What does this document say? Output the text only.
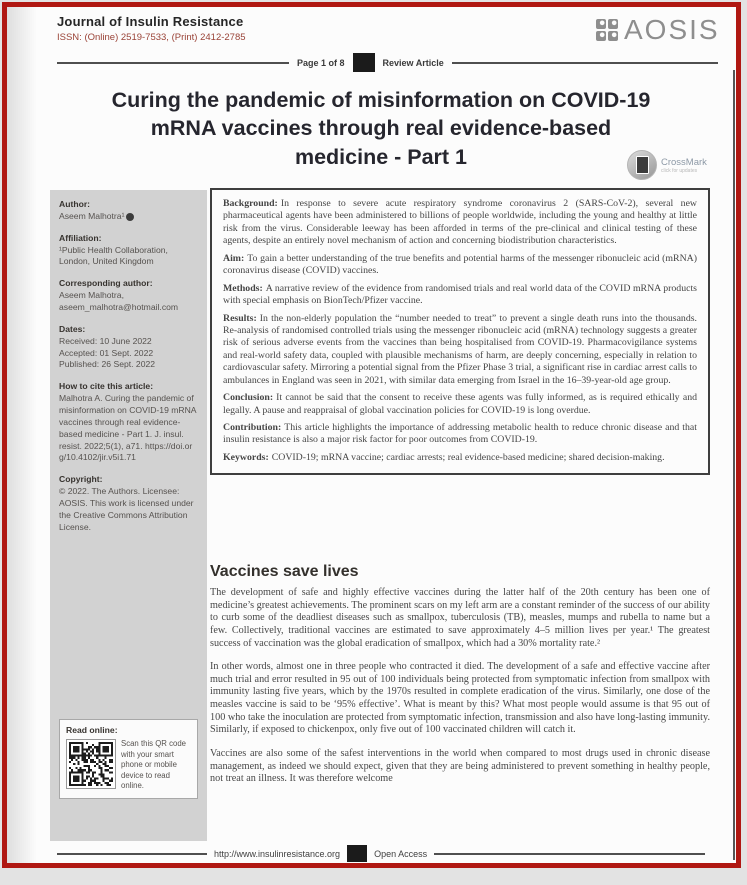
Journal of Insulin Resistance
ISSN: (Online) 2519-7533, (Print) 2412-2785	AOSIS
Page 1 of 8	Review Article
Curing the pandemic of misinformation on COVID-19
mRNA vaccines through real evidence-based
medicine - Part 1	CrossMark
click for updates
Author:
Aseem Malhotra¹
Affiliation:
¹Public Health Collaboration, London, United Kingdom
Corresponding author:
Aseem Malhotra,
aseem_malhotra@hotmail.com
Dates:
Received: 10 June 2022
Accepted: 01 Sept. 2022
Published: 26 Sept. 2022
How to cite this article:
Malhotra A. Curing the pandemic of misinformation on COVID-19 mRNA vaccines through real evidence-based medicine - Part 1. J. insul. resist. 2022;5(1), a71. https://doi.org/10.4102/jir.v5i1.71
Copyright:
© 2022. The Authors. Licensee: AOSIS. This work is licensed under the Creative Commons Attribution License.
Read online:
Scan this QR code with your smart phone or mobile device to read online.

Background: In response to severe acute respiratory syndrome coronavirus 2 (SARS-CoV-2), several new pharmaceutical agents have been administered to billions of people worldwide, including the young and healthy at little risk from the virus. Considerable leeway has been afforded in terms of the pre-clinical and clinical testing of these agents, despite an entirely novel mechanism of action and concerning biodistribution characteristics.

Aim: To gain a better understanding of the true benefits and potential harms of the messenger ribonucleic acid (mRNA) coronavirus disease (COVID) vaccines.

Methods: A narrative review of the evidence from randomised trials and real world data of the COVID mRNA products with special emphasis on BionTech/Pfizer vaccine.

Results: In the non-elderly population the “number needed to treat” to prevent a single death runs into the thousands. Re-analysis of randomised controlled trials using the messenger ribonucleic acid (mRNA) technology suggests a greater risk of serious adverse events from the vaccines than being hospitalised from COVID-19. Pharmacovigilance systems and real-world safety data, coupled with plausible mechanisms of harm, are deeply concerning, especially in relation to cardiovascular safety. Mirroring a potential signal from the Pfizer Phase 3 trial, a significant rise in cardiac arrest calls to ambulances in England was seen in 2021, with similar data emerging from Israel in the 16–39-year-old age group.

Conclusion: It cannot be said that the consent to receive these agents was fully informed, as is required ethically and legally. A pause and reappraisal of global vaccination policies for COVID-19 is long overdue.

Contribution: This article highlights the importance of addressing metabolic health to reduce chronic disease and that insulin resistance is also a major risk factor for poor outcomes from COVID-19.

Keywords: COVID-19; mRNA vaccine; cardiac arrests; real evidence-based medicine; shared decision-making.

Vaccines save lives

The development of safe and highly effective vaccines during the latter half of the 20th century has been one of medicine’s greatest achievements. The prominent scars on my left arm are a constant reminder of the success of our ability to curb some of the deadliest diseases such as smallpox, tuberculosis (TB), measles, mumps and rubella to name but a few. Collectively, traditional vaccines are estimated to save approximately 4–5 million lives per year.¹ The greatest success of vaccination was the global eradication of smallpox, which had a 30% mortality rate.²

In other words, almost one in three people who contracted it died. The development of a safe and effective vaccine after much trial and error resulted in 95 out of 100 individuals being protected from symptomatic infection from smallpox with immunity lasting five years, which by the 1970s resulted in complete eradication of the virus. Similarly, one dose of the measles vaccine is said to be ‘95% effective’. What is meant by this? What most people would assume is that 95 out of 100 who take the inoculation are protected from symptomatic infection, transmission and also have long-lasting immunity. Similarly, if exposed to chickenpox, only five out of 100 vaccinated children will catch it.

Vaccines are also some of the safest interventions in the world when compared to most drugs used in chronic disease management, as indeed we should expect, given that they are being administered to prevent something in healthy people, not treat an illness. It was therefore welcome

http://www.insulinresistance.org	Open Access
